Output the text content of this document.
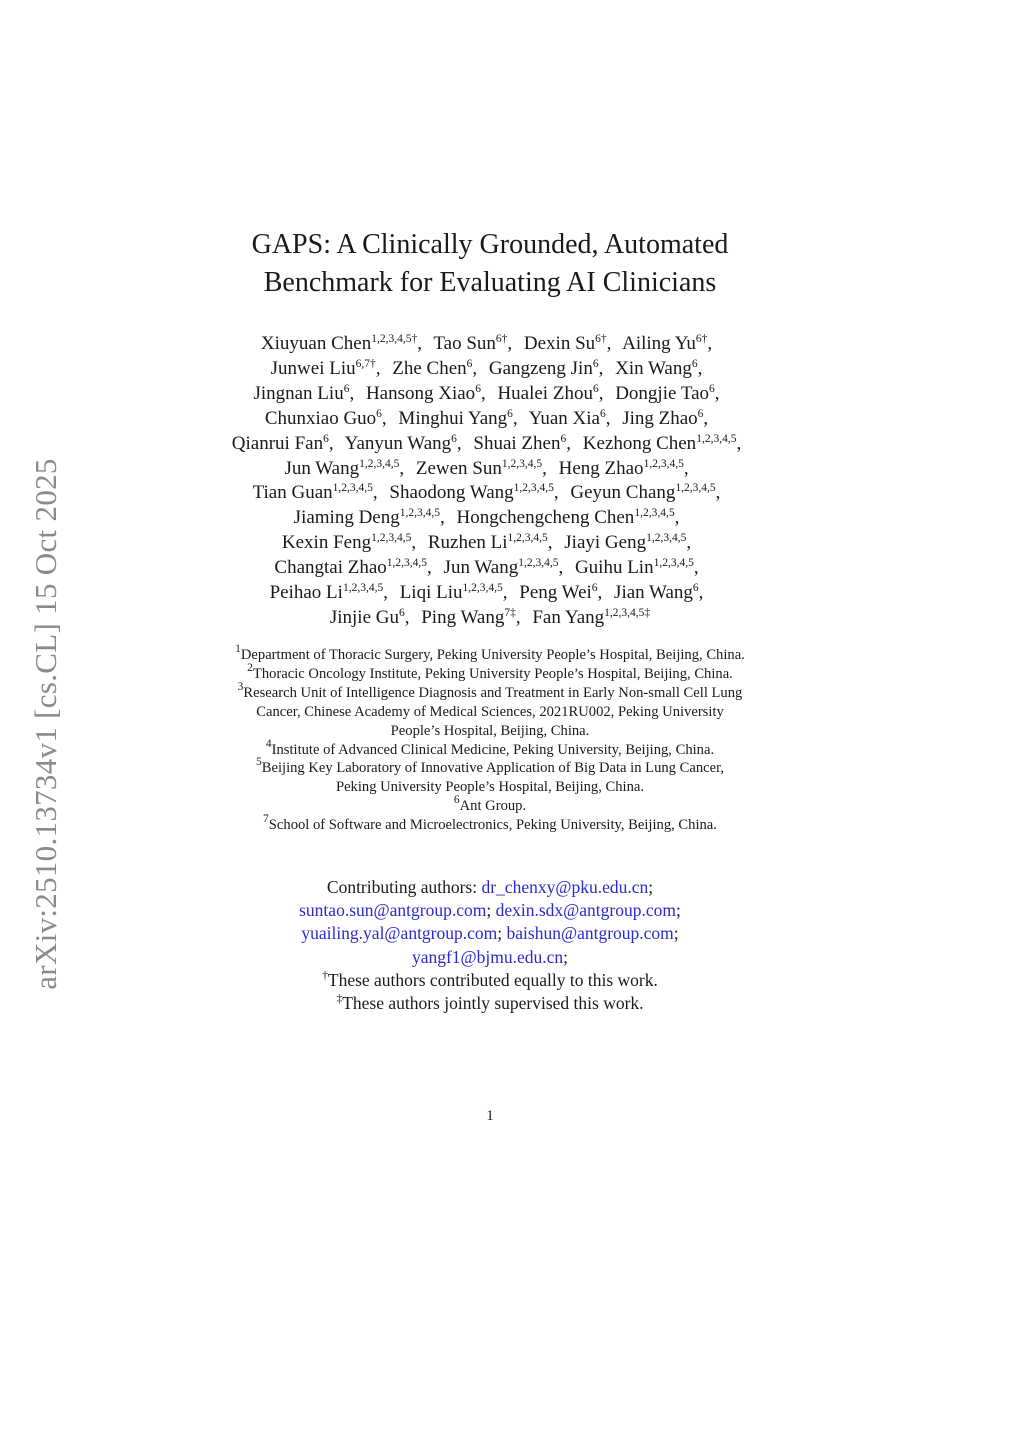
arXiv:2510.13734v1 [cs.CL] 15 Oct 2025
GAPS: A Clinically Grounded, Automated
Benchmark for Evaluating AI Clinicians
Xiuyuan Chen$^{1,2,3,4,5\dagger}$, Tao Sun$^{6\dagger}$, Dexin $Su^{6\dagger}$, Ailing $Yu^{6\dagger}$,
Junwei Liu$^{6,7\dagger}$, Zhe Chen$^6$, Gangzeng Jin$^6$, Xin Wang$^6$,
Jingnan Liu$^6$, Hansong Xiao$^6$, Hualei Zhou$^6$, Dongjie Tao$^6$,
Chunxiao Guo$^6$, Minghui Yang$^6$, Yuan Xia$^6$, Jing Zhao$^6$,
Qianrui Fan$^6$, Yanyun Wang$^6$, Shuai Zhen$^6$, Kezhong Chen$^{1,2,3,4,5}$,
Jun Wang$^{1,2,3,4,5}$, Zewen Sun$^{1,2,3,4,5}$, Heng Zhao$^{1,2,3,4,5}$,
Tian Guan$^{1,2,3,4,5}$, Shaodong Wang$^{1,2,3,4,5}$, Geyun Chang$^{1,2,3,4,5}$,
Jiaming Deng$^{1,2,3,4,5}$, Hongchengcheng Chen$^{1,2,3,4,5}$,
Kexin Feng$^{1,2,3,4,5}$, Ruzhen Li$^{1,2,3,4,5}$, Jiayi Geng$^{1,2,3,4,5}$,
Changtai Zhao$^{1,2,3,4,5}$, Jun Wang$^{1,2,3,4,5}$, Guihu Lin$^{1,2,3,4,5}$,
Peihao Li$^{1,2,3,4,5}$, Liqi Liu$^{1,2,3,4,5}$, Peng Wei$^6$, Jian Wang$^6$,
Jinjie Gu$^6$, Ping Wang$^{7\ddagger}$, Fan Yang$^{1,2,3,4,5\ddagger}$
$^1$Department of Thoracic Surgery, Peking University People’s Hospital, Beijing, China.
$^2$Thoracic Oncology Institute, Peking University People’s Hospital, Beijing, China.
$^3$Research Unit of Intelligence Diagnosis and Treatment in Early Non-small Cell Lung
Cancer, Chinese Academy of Medical Sciences, 2021RU002, Peking University
People’s Hospital, Beijing, China.
$^4$Institute of Advanced Clinical Medicine, Peking University, Beijing, China.
$^5$Beijing Key Laboratory of Innovative Application of Big Data in Lung Cancer,
Peking University People’s Hospital, Beijing, China.
$^6$Ant Group.
$^7$School of Software and Microelectronics, Peking University, Beijing, China.
Contributing authors: dr_chenxy@pku.edu.cn;
suntao.sun@antgroup.com; dexin.sdx@antgroup.com;
yuailing.yal@antgroup.com; baishun@antgroup.com;
yangf1@bjmu.edu.cn;
†These authors contributed equally to this work.
‡These authors jointly supervised this work.
1
